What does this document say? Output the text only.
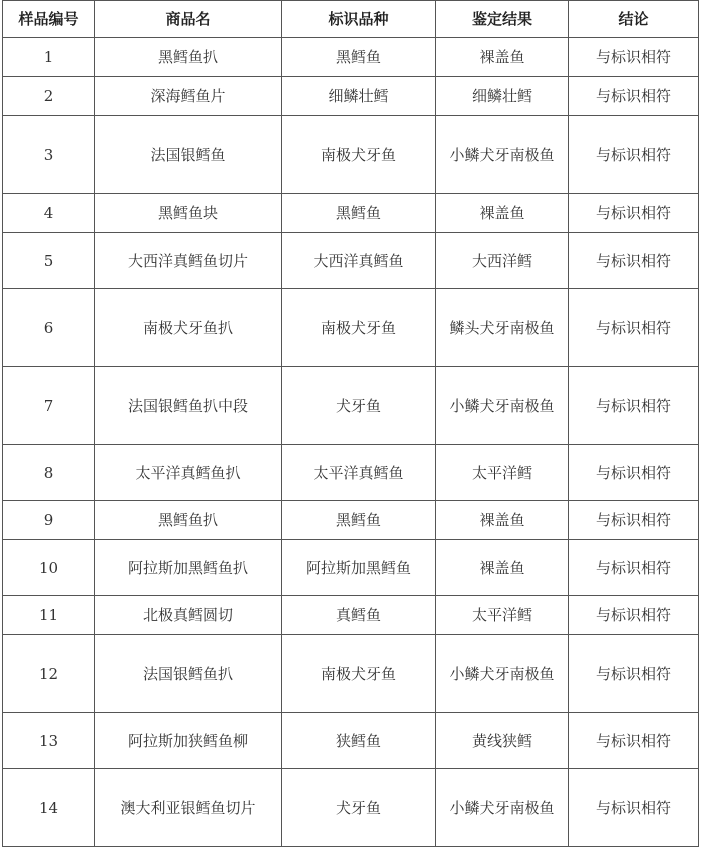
样品编号	商品名	标识品种	鉴定结果	结论
1	黑鳕鱼扒	黑鳕鱼	裸盖鱼	与标识相符
2	深海鳕鱼片	细鳞壮鳕	细鳞壮鳕	与标识相符
3	法国银鳕鱼	南极犬牙鱼	小鳞犬牙南极鱼	与标识相符
4	黑鳕鱼块	黑鳕鱼	裸盖鱼	与标识相符
5	大西洋真鳕鱼切片	大西洋真鳕鱼	大西洋鳕	与标识相符
6	南极犬牙鱼扒	南极犬牙鱼	鳞头犬牙南极鱼	与标识相符
7	法国银鳕鱼扒中段	犬牙鱼	小鳞犬牙南极鱼	与标识相符
8	太平洋真鳕鱼扒	太平洋真鳕鱼	太平洋鳕	与标识相符
9	黑鳕鱼扒	黑鳕鱼	裸盖鱼	与标识相符
10	阿拉斯加黑鳕鱼扒	阿拉斯加黑鳕鱼	裸盖鱼	与标识相符
11	北极真鳕圆切	真鳕鱼	太平洋鳕	与标识相符
12	法国银鳕鱼扒	南极犬牙鱼	小鳞犬牙南极鱼	与标识相符
13	阿拉斯加狭鳕鱼柳	狭鳕鱼	黄线狭鳕	与标识相符
14	澳大利亚银鳕鱼切片	犬牙鱼	小鳞犬牙南极鱼	与标识相符
